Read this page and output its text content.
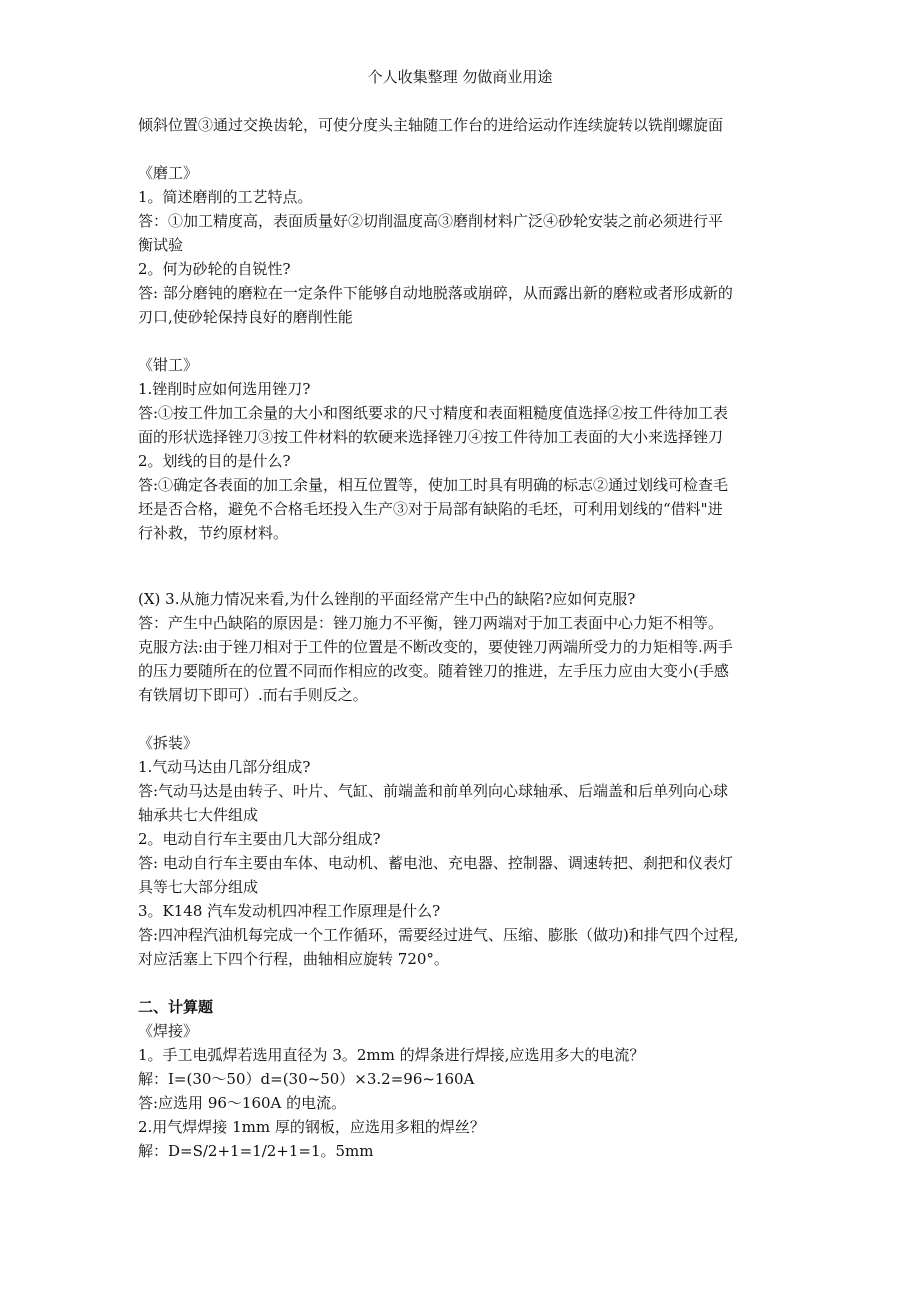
个人收集整理 勿做商业用途
倾斜位置③通过交换齿轮，可使分度头主轴随工作台的进给运动作连续旋转以铣削螺旋面
《磨工》
1。简述磨削的工艺特点。
答：①加工精度高，表面质量好②切削温度高③磨削材料广泛④砂轮安装之前必须进行平
衡试验
2。何为砂轮的自锐性?
答: 部分磨钝的磨粒在一定条件下能够自动地脱落或崩碎，从而露出新的磨粒或者形成新的
刃口,使砂轮保持良好的磨削性能
《钳工》
1.锉削时应如何选用锉刀?
答:①按工件加工余量的大小和图纸要求的尺寸精度和表面粗糙度值选择②按工件待加工表
面的形状选择锉刀③按工件材料的软硬来选择锉刀④按工件待加工表面的大小来选择锉刀
2。划线的目的是什么?
答:①确定各表面的加工余量，相互位置等，使加工时具有明确的标志②通过划线可检查毛
坯是否合格，避免不合格毛坯投入生产③对于局部有缺陷的毛坯，可利用划线的“借料"进
行补救，节约原材料。
(X) 3.从施力情况来看,为什么锉削的平面经常产生中凸的缺陷?应如何克服?
答：产生中凸缺陷的原因是：锉刀施力不平衡，锉刀两端对于加工表面中心力矩不相等。
克服方法:由于锉刀相对于工件的位置是不断改变的，要使锉刀两端所受力的力矩相等.两手
的压力要随所在的位置不同而作相应的改变。随着锉刀的推进，左手压力应由大变小(手感
有铁屑切下即可）.而右手则反之。
《拆装》
1.气动马达由几部分组成?
答:气动马达是由转子、叶片、气缸、前端盖和前单列向心球轴承、后端盖和后单列向心球
轴承共七大件组成
2。电动自行车主要由几大部分组成?
答: 电动自行车主要由车体、电动机、蓄电池、充电器、控制器、调速转把、刹把和仪表灯
具等七大部分组成
3。K148 汽车发动机四冲程工作原理是什么?
答:四冲程汽油机每完成一个工作循环，需要经过进气、压缩、膨胀（做功)和排气四个过程,
对应活塞上下四个行程，曲轴相应旋转 720°。
二、计算题
《焊接》
1。手工电弧焊若选用直径为 3。2mm 的焊条进行焊接,应选用多大的电流？
解：I=(30～50）d=(30~50）×3.2=96~160A
答:应选用 96～160A 的电流。
2.用气焊焊接 1mm 厚的钢板，应选用多粗的焊丝？
解：D=S/2+1=1/2+1=1。5mm
